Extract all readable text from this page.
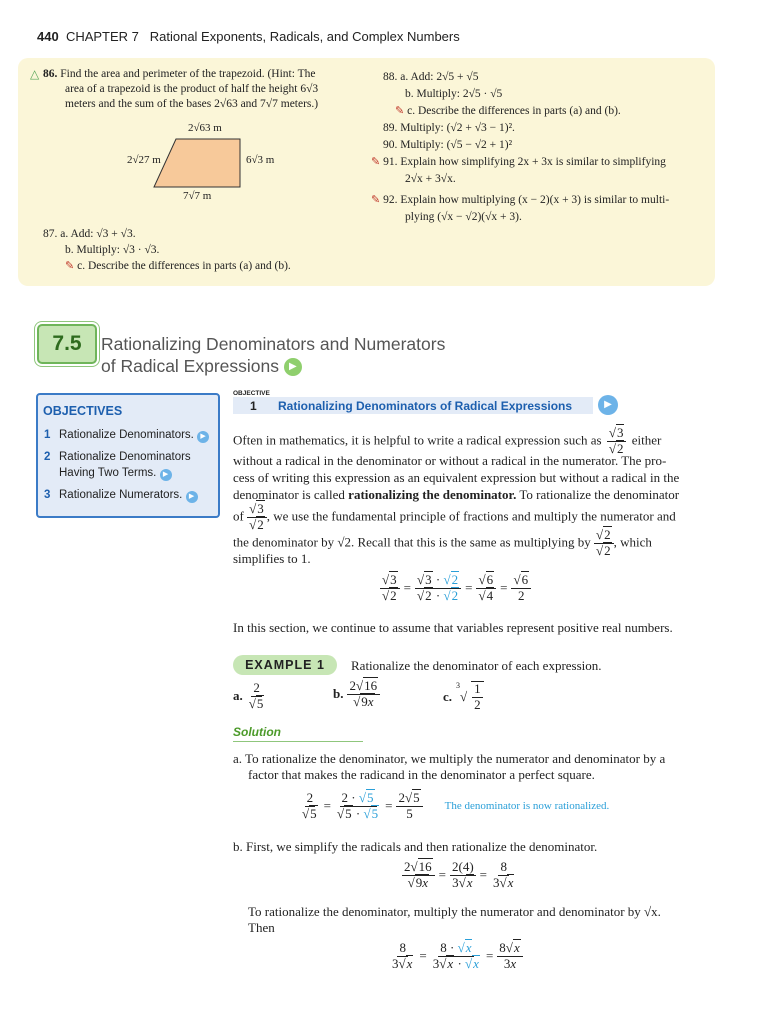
440 CHAPTER 7 Rational Exponents, Radicals, and Complex Numbers
△ 86. Find the area and perimeter of the trapezoid. (Hint: The
area of a trapezoid is the product of half the height 6√3
meters and the sum of the bases 2√63 and 7√7 meters.)
2√63 m
2√27 m	6√3 m
7√7 m
87. a. Add: √3 + √3.
b. Multiply: √3 · √3.
✎ c. Describe the differences in parts (a) and (b).
88. a. Add: 2√5 + √5
b. Multiply: 2√5 · √5
✎ c. Describe the differences in parts (a) and (b).
89. Multiply: (√2 + √3 − 1)².
90. Multiply: (√5 − √2 + 1)²
✎ 91. Explain how simplifying 2x + 3x is similar to simplifying
2√x + 3√x.
✎ 92. Explain how multiplying (x − 2)(x + 3) is similar to multi-
plying (√x − √2)(√x + 3).
7.5	Rationalizing Denominators and Numerators
of Radical Expressions ▶
OBJECTIVES
1 Rationalize Denominators. ▶
2 Rationalize Denominators
Having Two Terms. ▶
3 Rationalize Numerators. ▶
OBJECTIVE
1 Rationalizing Denominators of Radical Expressions	▶
Often in mathematics, it is helpful to write a radical expression such as $\frac{√3}{√2}$ either
without a radical in the denominator or without a radical in the numerator. The pro-
cess of writing this expression as an equivalent expression but without a radical in the
denominator is called rationalizing the denominator. To rationalize the denominator
of $\frac{√3}{√2}$ , we use the fundamental principle of fractions and multiply the numerator and
the denominator by √2. Recall that this is the same as multiplying by $\frac{√2}{√2}$ , which
simplifies to 1.
$\frac{√3}{√2} = \frac{√3 \cdot √2}{√2 \cdot √2} = \frac{√6}{√4} = \frac{√6}{2}$
In this section, we continue to assume that variables represent positive real numbers.
EXAMPLE 1	Rationalize the denominator of each expression.
a. $\frac{2}{√5}$	b. $\frac{2√16}{√9x}$	c.
3
√ $\frac{1}{2}$
Solution
a. To rationalize the denominator, we multiply the numerator and denominator by a
factor that makes the radicand in the denominator a perfect square.
$\frac{2}{√5} = \frac{2 \cdot √5}{√5 \cdot √5} = \frac{2√5}{5}$ The denominator is now rationalized.
b. First, we simplify the radicals and then rationalize the denominator.
$\frac{2√16}{√9x} = \frac{2(4)}{3√x} = \frac{8}{3√x}$
To rationalize the denominator, multiply the numerator and denominator by √x.
Then
$\frac{8}{3√x} = \frac{8 \cdot √x}{3√x \cdot √x} = \frac{8√x}{3x}$
